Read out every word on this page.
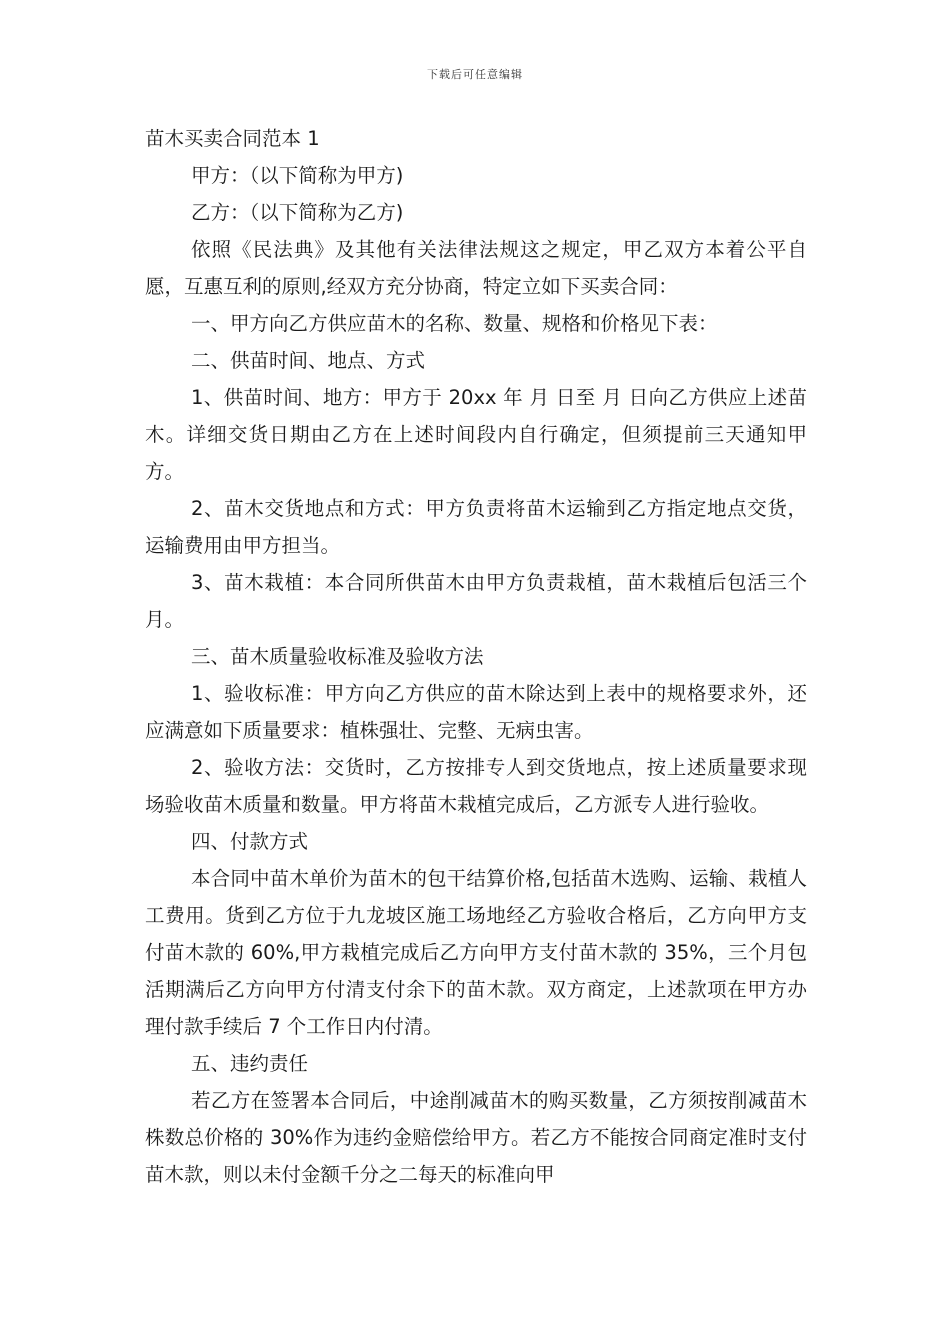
下载后可任意编辑

苗木买卖合同范本 1

甲方：（以下简称为甲方)

乙方：（以下简称为乙方)

依照《民法典》及其他有关法律法规这之规定，甲乙双方本着公平自愿，互惠互利的原则,经双方充分协商，特定立如下买卖合同：

一、甲方向乙方供应苗木的名称、数量、规格和价格见下表：

二、供苗时间、地点、方式

1、供苗时间、地方：甲方于 20xx 年 月 日至 月 日向乙方供应上述苗木。详细交货日期由乙方在上述时间段内自行确定，但须提前三天通知甲方。

2、苗木交货地点和方式：甲方负责将苗木运输到乙方指定地点交货，运输费用由甲方担当。

3、苗木栽植：本合同所供苗木由甲方负责栽植，苗木栽植后包活三个月。

三、苗木质量验收标准及验收方法

1、验收标准：甲方向乙方供应的苗木除达到上表中的规格要求外，还应满意如下质量要求：植株强壮、完整、无病虫害。

2、验收方法：交货时，乙方按排专人到交货地点，按上述质量要求现场验收苗木质量和数量。甲方将苗木栽植完成后，乙方派专人进行验收。

四、付款方式

本合同中苗木单价为苗木的包干结算价格,包括苗木选购、运输、栽植人工费用。货到乙方位于九龙坡区施工场地经乙方验收合格后，乙方向甲方支付苗木款的 60%,甲方栽植完成后乙方向甲方支付苗木款的 35%，三个月包活期满后乙方向甲方付清支付余下的苗木款。双方商定，上述款项在甲方办理付款手续后 7 个工作日内付清。

五、违约责任

若乙方在签署本合同后，中途削减苗木的购买数量，乙方须按削减苗木株数总价格的 30%作为违约金赔偿给甲方。若乙方不能按合同商定准时支付苗木款，则以未付金额千分之二每天的标准向甲
